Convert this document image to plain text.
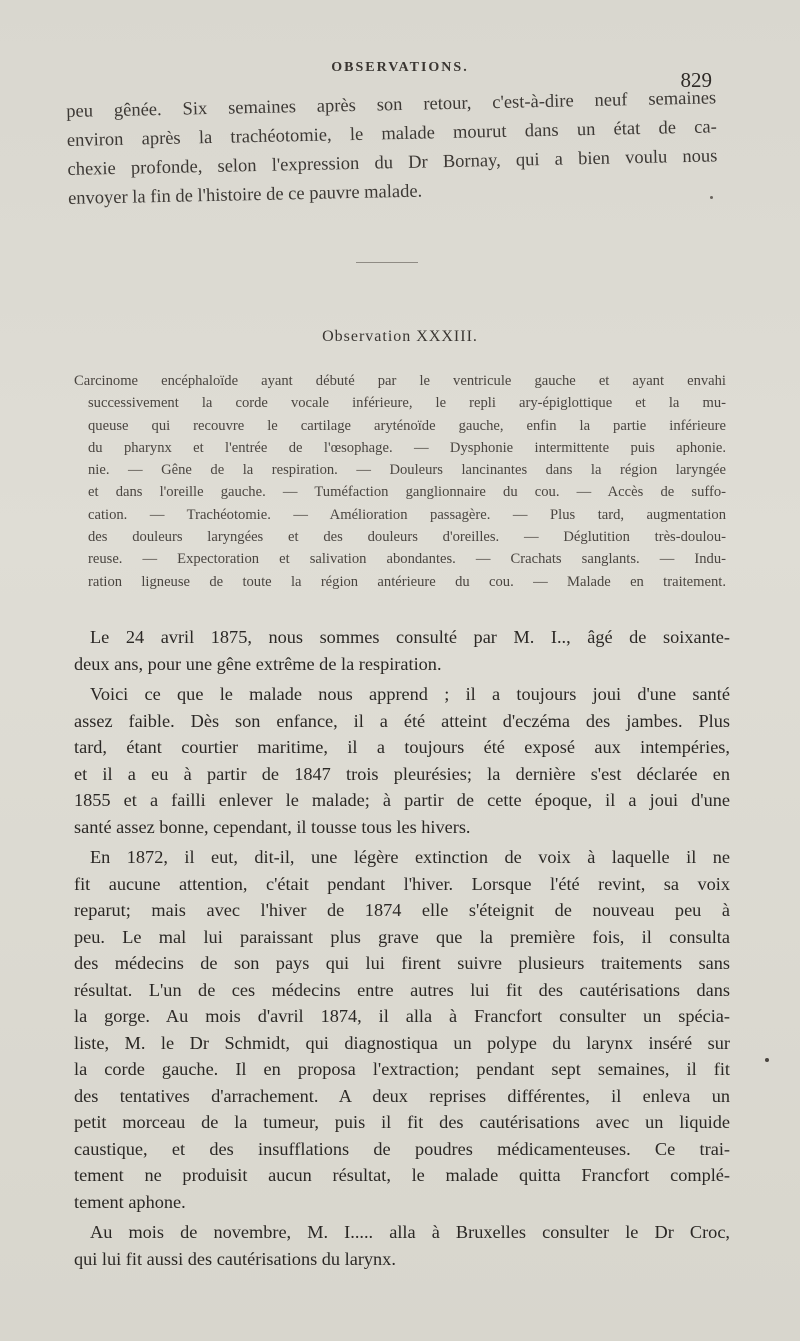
OBSERVATIONS.
829
peu gênée. Six semaines après son retour, c'est-à-dire neuf semaines
environ après la trachéotomie, le malade mourut dans un état de ca-
chexie profonde, selon l'expression du Dr Bornay, qui a bien voulu nous
envoyer la fin de l'histoire de ce pauvre malade.
Observation XXXIII.
Carcinome encéphaloïde ayant débuté par le ventricule gauche et ayant envahi
successivement la corde vocale inférieure, le repli ary-épiglottique et la mu-
queuse qui recouvre le cartilage aryténoïde gauche, enfin la partie inférieure
du pharynx et l'entrée de l'œsophage. — Dysphonie intermittente puis aphonie.
nie. — Gêne de la respiration. — Douleurs lancinantes dans la région laryngée
et dans l'oreille gauche. — Tuméfaction ganglionnaire du cou. — Accès de suffo-
cation. — Trachéotomie. — Amélioration passagère. — Plus tard, augmentation
des douleurs laryngées et des douleurs d'oreilles. — Déglutition très-doulou-
reuse. — Expectoration et salivation abondantes. — Crachats sanglants. — Indu-
ration ligneuse de toute la région antérieure du cou. — Malade en traitement.
Le 24 avril 1875, nous sommes consulté par M. I.., âgé de soixante-
deux ans, pour une gêne extrême de la respiration.
Voici ce que le malade nous apprend ; il a toujours joui d'une santé
assez faible. Dès son enfance, il a été atteint d'eczéma des jambes. Plus
tard, étant courtier maritime, il a toujours été exposé aux intempéries,
et il a eu à partir de 1847 trois pleurésies; la dernière s'est déclarée en
1855 et a failli enlever le malade; à partir de cette époque, il a joui d'une
santé assez bonne, cependant, il tousse tous les hivers.
En 1872, il eut, dit-il, une légère extinction de voix à laquelle il ne
fit aucune attention, c'était pendant l'hiver. Lorsque l'été revint, sa voix
reparut; mais avec l'hiver de 1874 elle s'éteignit de nouveau peu à
peu. Le mal lui paraissant plus grave que la première fois, il consulta
des médecins de son pays qui lui firent suivre plusieurs traitements sans
résultat. L'un de ces médecins entre autres lui fit des cautérisations dans
la gorge. Au mois d'avril 1874, il alla à Francfort consulter un spécia-
liste, M. le Dr Schmidt, qui diagnostiqua un polype du larynx inséré sur
la corde gauche. Il en proposa l'extraction; pendant sept semaines, il fit
des tentatives d'arrachement. A deux reprises différentes, il enleva un
petit morceau de la tumeur, puis il fit des cautérisations avec un liquide
caustique, et des insufflations de poudres médicamenteuses. Ce trai-
tement ne produisit aucun résultat, le malade quitta Francfort complé-
tement aphone.
Au mois de novembre, M. I..... alla à Bruxelles consulter le Dr Croc,
qui lui fit aussi des cautérisations du larynx.
